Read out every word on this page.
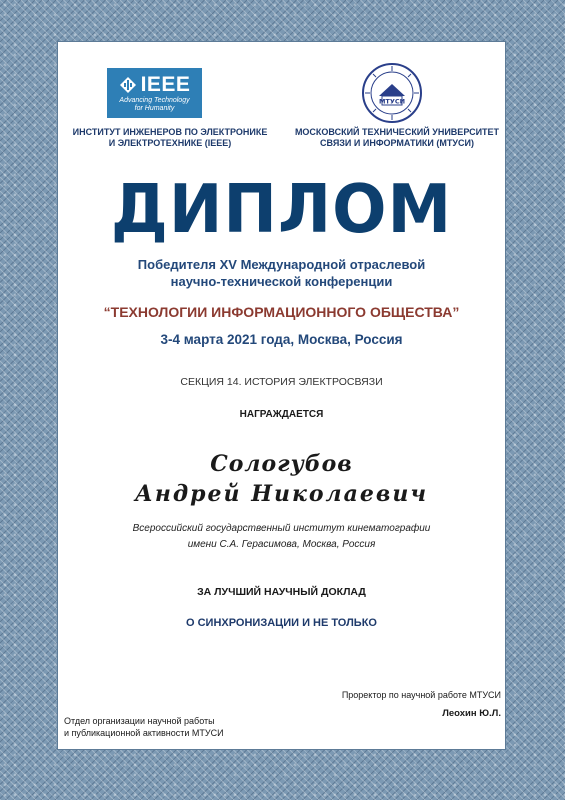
IEEE
Advancing Technology
for Humanity
МТУСИ
ИНСТИТУТ ИНЖЕНЕРОВ ПО ЭЛЕКТРОНИКЕ
И ЭЛЕКТРОТЕХНИКЕ (IEEE)
МОСКОВСКИЙ ТЕХНИЧЕСКИЙ УНИВЕРСИТЕТ
СВЯЗИ И ИНФОРМАТИКИ (МТУСИ)
ДИПЛОМ

Победителя XV Международной отраслевой

научно-технической конференции

“ТЕХНОЛОГИИ ИНФОРМАЦИОННОГО ОБЩЕСТВА”

3-4 марта 2021 года, Москва, Россия

СЕКЦИЯ 14. ИСТОРИЯ ЭЛЕКТРОСВЯЗИ

НАГРАЖДАЕТСЯ

Сологубов

Андрей Николаевич

Всероссийский государственный институт кинематографии

имени С.А. Герасимова, Москва, Россия

ЗА ЛУЧШИЙ НАУЧНЫЙ ДОКЛАД

О СИНХРОНИЗАЦИИ И НЕ ТОЛЬКО

Проректор по научной работе МТУСИ

Леохин Ю.Л.

Отдел организации научной работы

и публикационной активности МТУСИ
